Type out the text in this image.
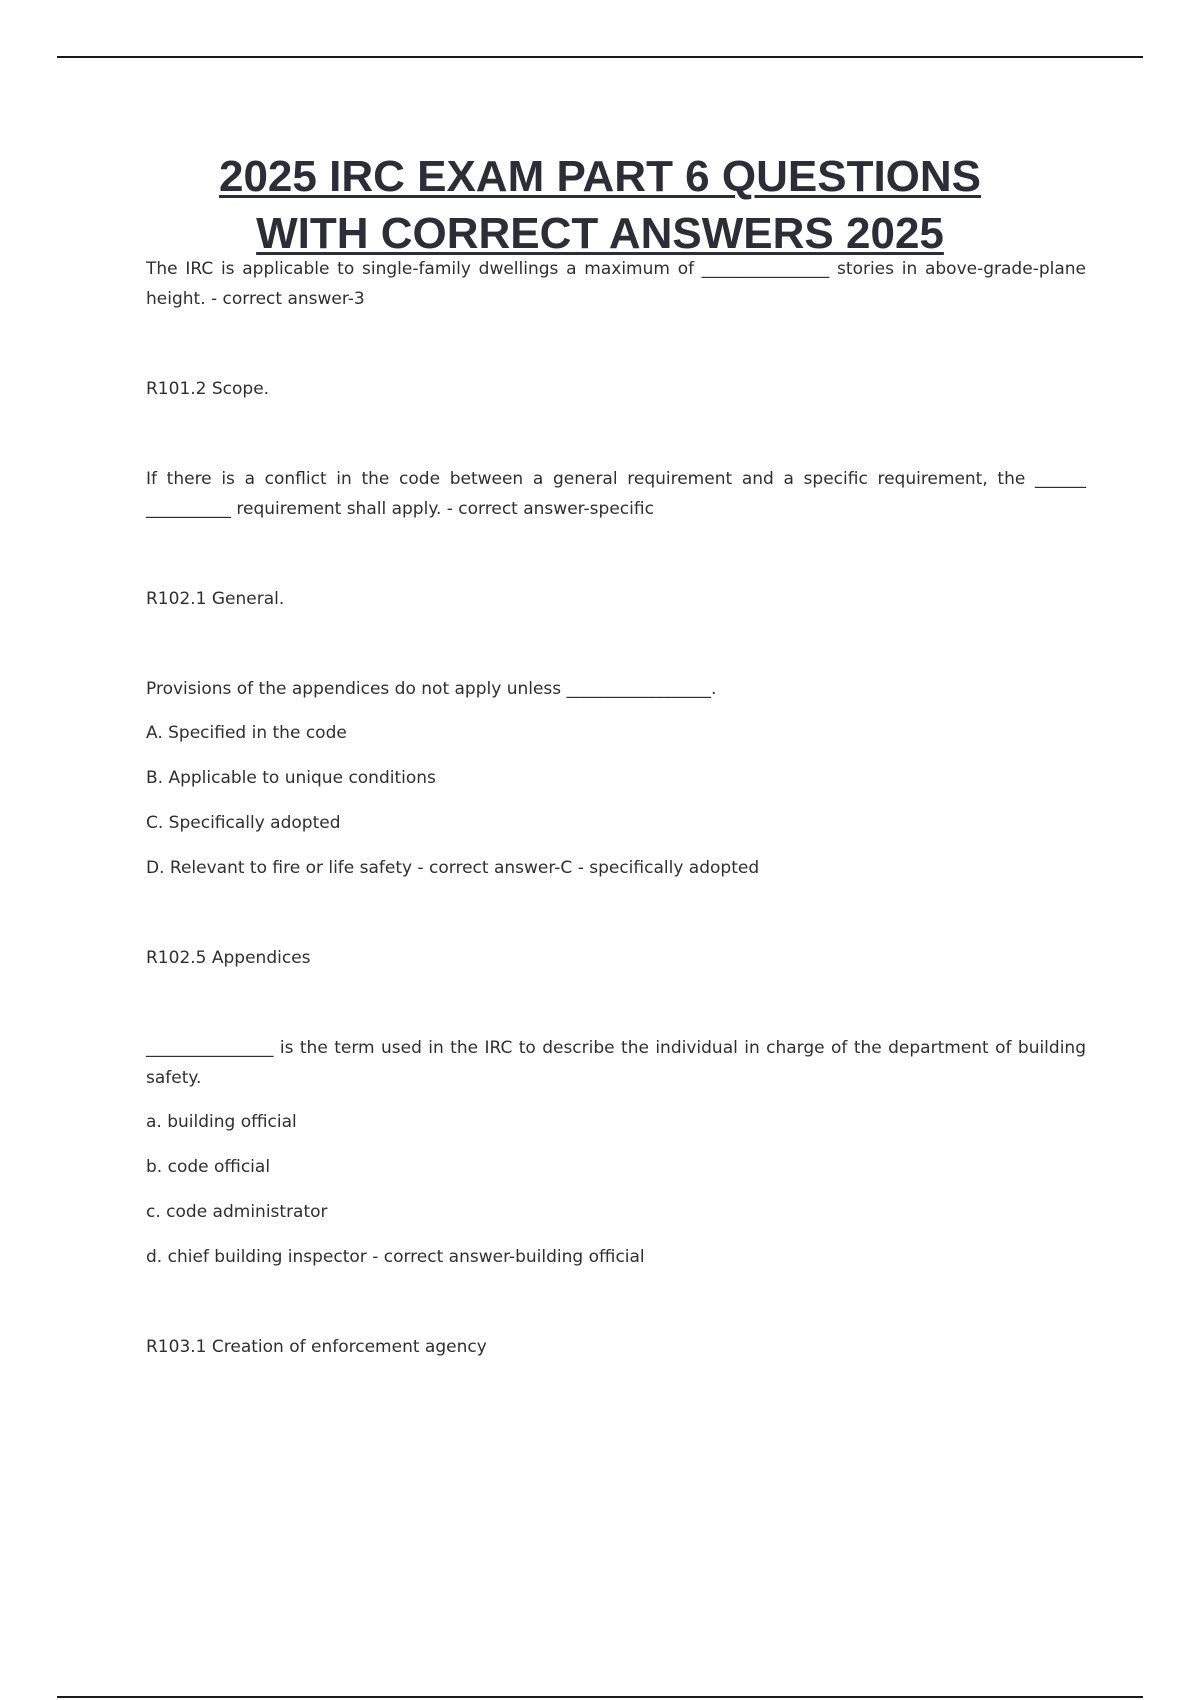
2025 IRC EXAM PART 6 QUESTIONS
WITH CORRECT ANSWERS 2025

The IRC is applicable to single-family dwellings a maximum of _______________ stories in above-grade-plane height. - correct answer-3

R101.2 Scope.

If there is a conflict in the code between a general requirement and a specific requirement, the ______ __________ requirement shall apply. - correct answer-specific

R102.1 General.

Provisions of the appendices do not apply unless _________________.

A. Specified in the code

B. Applicable to unique conditions

C. Specifically adopted

D. Relevant to fire or life safety - correct answer-C - specifically adopted

R102.5 Appendices

_______________ is the term used in the IRC to describe the individual in charge of the department of building safety.

a. building official

b. code official

c. code administrator

d. chief building inspector - correct answer-building official

R103.1 Creation of enforcement agency
